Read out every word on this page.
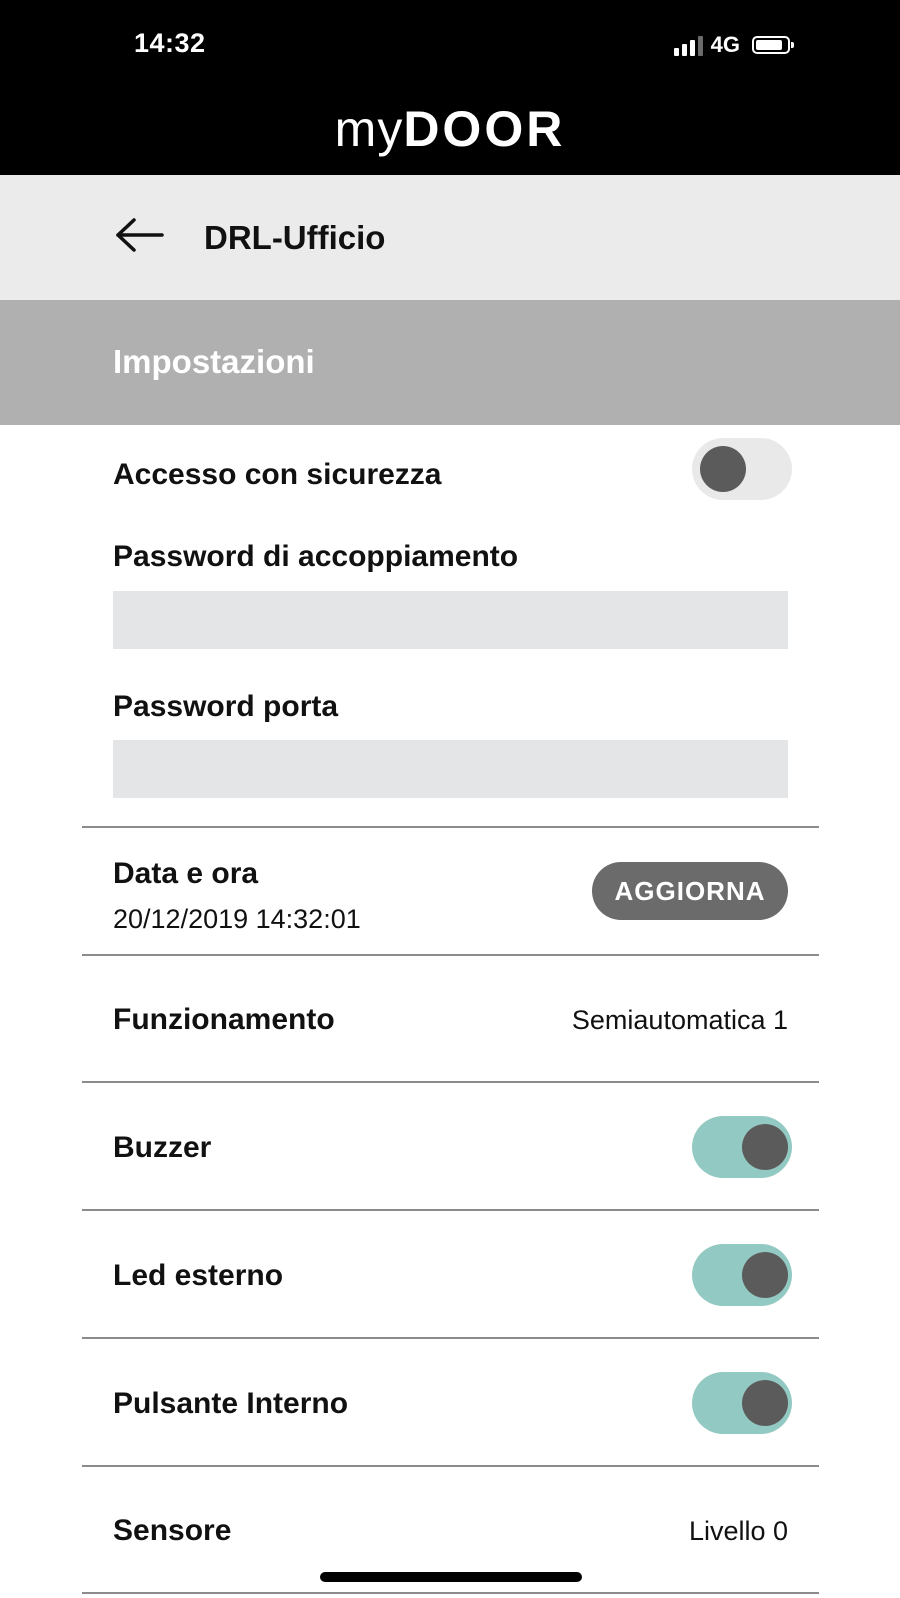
14:32	4G
myDOOR
DRL-Ufficio
Impostazioni
Accesso con sicurezza
Password di accoppiamento
Password porta
Data e ora
20/12/2019 14:32:01
AGGIORNA
Funzionamento	Semiautomatica 1
Buzzer
Led esterno
Pulsante Interno
Sensore	Livello 0
